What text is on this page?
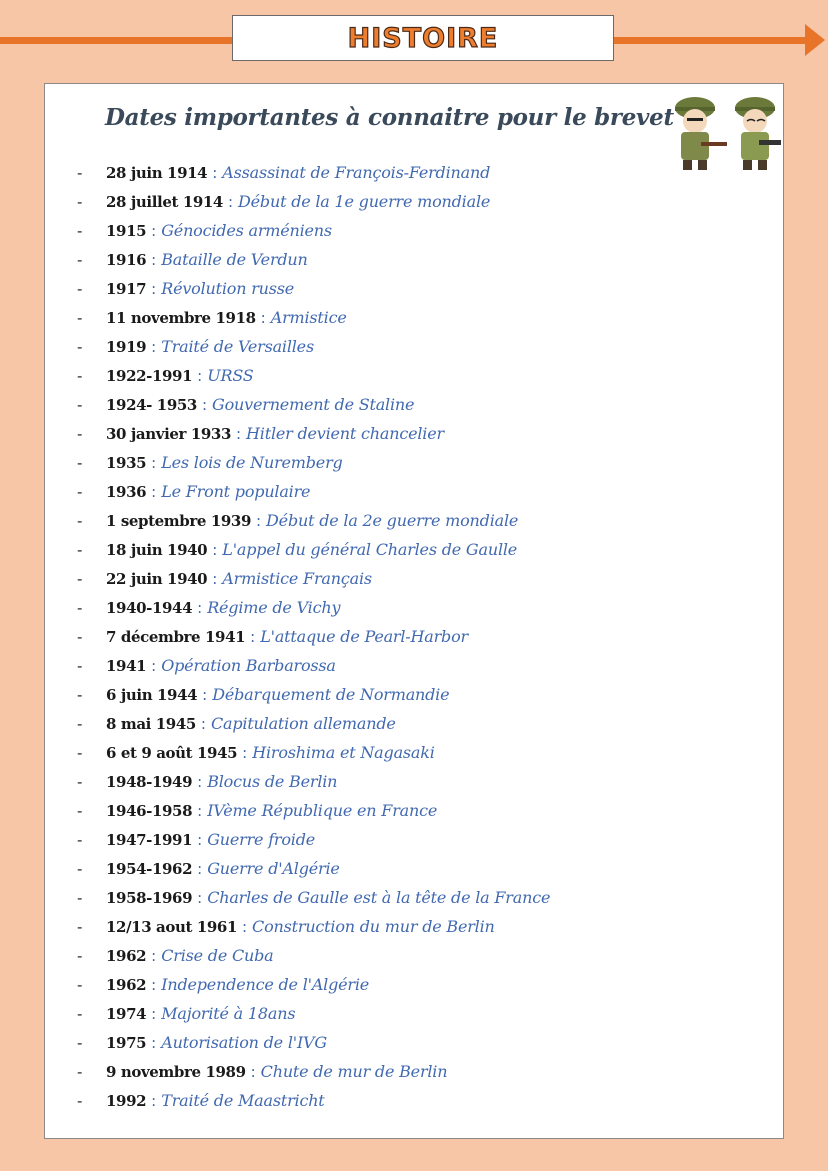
HISTOIRE
Dates importantes à connaitre pour le brevet
-	28 juin 1914 : Assassinat de François-Ferdinand
-	28 juillet 1914 : Début de la 1e guerre mondiale
-	1915 : Génocides arméniens
-	1916 : Bataille de Verdun
-	1917 : Révolution russe
-	11 novembre 1918 : Armistice
-	1919 : Traité de Versailles
-	1922-1991 : URSS
-	1924- 1953 : Gouvernement de Staline
-	30 janvier 1933 : Hitler devient chancelier
-	1935 : Les lois de Nuremberg
-	1936 : Le Front populaire
-	1 septembre 1939 : Début de la 2e guerre mondiale
-	18 juin 1940 : L'appel du général Charles de Gaulle
-	22 juin 1940 : Armistice Français
-	1940-1944 : Régime de Vichy
-	7 décembre 1941 : L'attaque de Pearl-Harbor
-	1941 : Opération Barbarossa
-	6 juin 1944 : Débarquement de Normandie
-	8 mai 1945 : Capitulation allemande
-	6 et 9 août 1945 : Hiroshima et Nagasaki
-	1948-1949 : Blocus de Berlin
-	1946-1958 : IVème République en France
-	1947-1991 : Guerre froide
-	1954-1962 : Guerre d'Algérie
-	1958-1969 : Charles de Gaulle est à la tête de la France
-	12/13 aout 1961 : Construction du mur de Berlin
-	1962 : Crise de Cuba
-	1962 : Independence de l'Algérie
-	1974 : Majorité à 18ans
-	1975 : Autorisation de l'IVG
-	9 novembre 1989 : Chute de mur de Berlin
-	1992 : Traité de Maastricht
